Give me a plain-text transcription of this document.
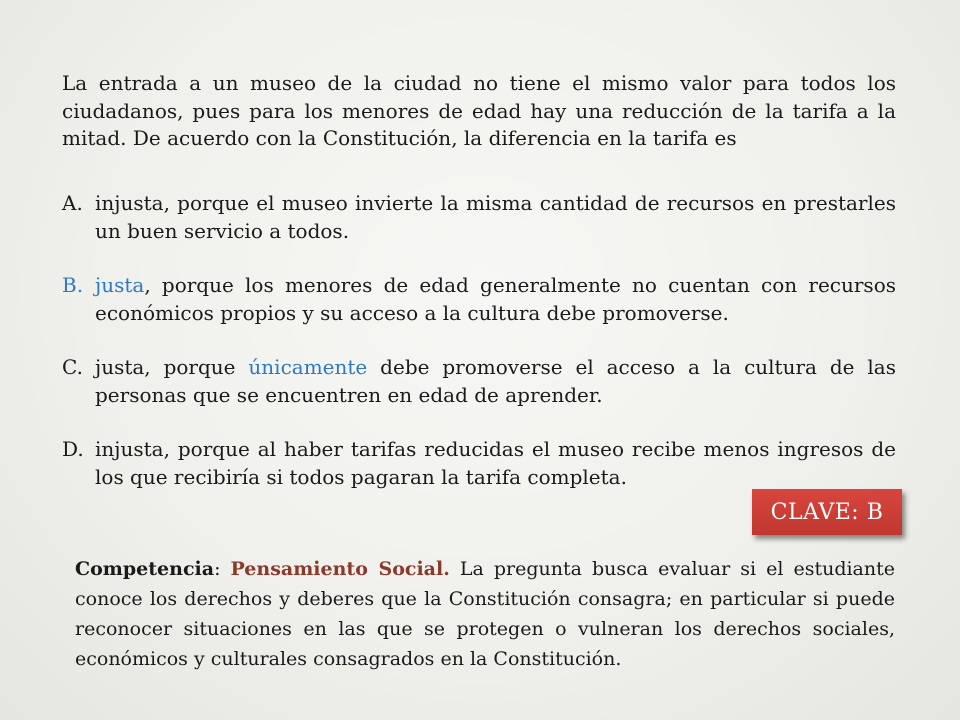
La entrada a un museo de la ciudad no tiene el mismo valor para todos los ciudadanos, pues para los menores de edad hay una reducción de la tarifa a la mitad. De acuerdo con la Constitución, la diferencia en la tarifa es

A. injusta, porque el museo invierte la misma cantidad de recursos en prestarles un buen servicio a todos.
B. justa, porque los menores de edad generalmente no cuentan con recursos económicos propios y su acceso a la cultura debe promoverse.
C. justa, porque únicamente debe promoverse el acceso a la cultura de las personas que se encuentren en edad de aprender.
D. injusta, porque al haber tarifas reducidas el museo recibe menos ingresos de los que recibiría si todos pagaran la tarifa completa.
CLAVE: B

Competencia: Pensamiento Social. La pregunta busca evaluar si el estudiante conoce los derechos y deberes que la Constitución consagra; en particular si puede reconocer situaciones en las que se protegen o vulneran los derechos sociales, económicos y culturales consagrados en la Constitución.
